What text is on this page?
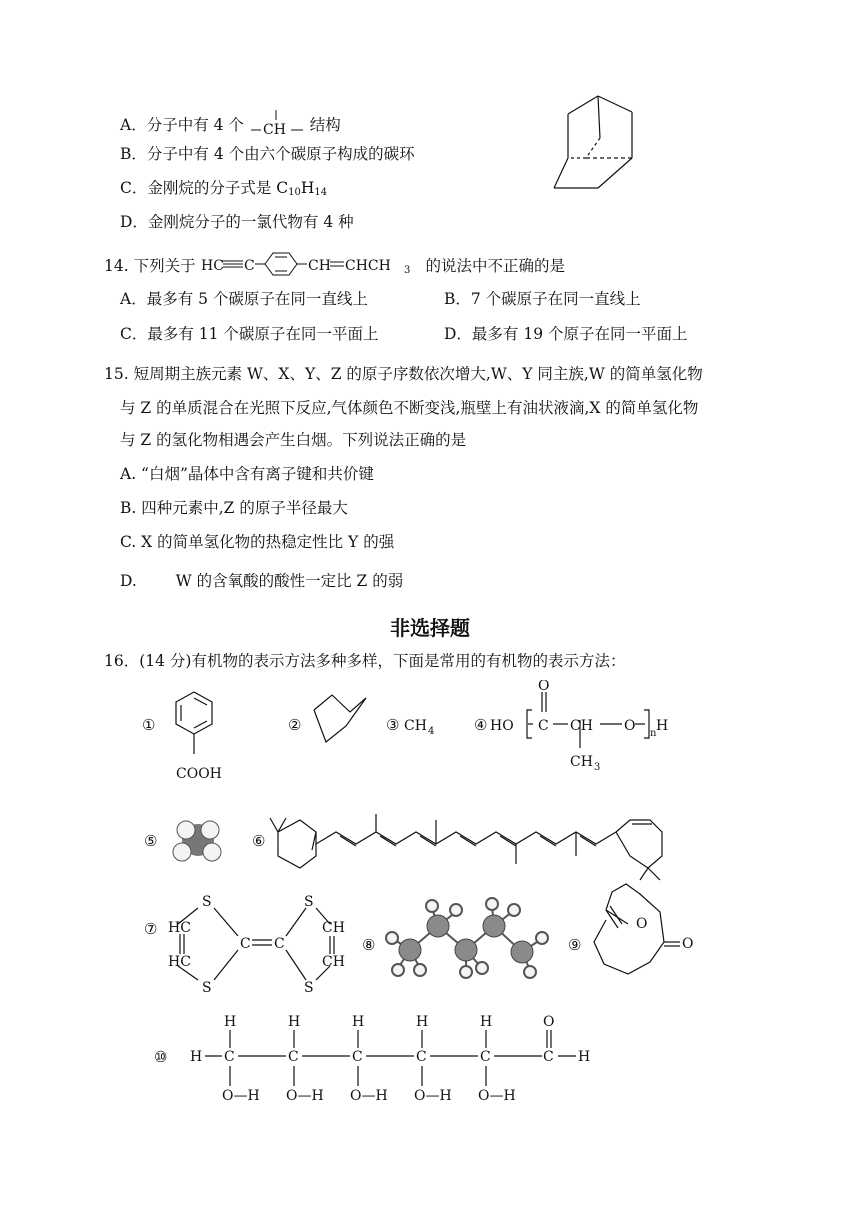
A．分子中有 4 个 CH 结构
B．分子中有 4 个由六个碳原子构成的碳环
C．金刚烷的分子式是 $C_{10}H_{14}$
D．金刚烷分子的一氯代物有 4 种
14. 下列关于 HC C	CH CHCH 3 的说法中不正确的是
A．最多有 5 个碳原子在同一直线上	B．7 个碳原子在同一直线上
C．最多有 11 个碳原子在同一平面上	D．最多有 19 个原子在同一平面上
15. 短周期主族元素 W、X、Y、Z 的原子序数依次增大,W、Y 同主族,W 的简单氢化物
与 Z 的单质混合在光照下反应,气体颜色不断变浅,瓶壁上有油状液滴,X 的简单氢化物
与 Z 的氢化物相遇会产生白烟。下列说法正确的是
A. “白烟”晶体中含有离子键和共价键
B. 四种元素中,Z 的原子半径最大
C. X 的简单氢化物的热稳定性比 Y 的强
D.	W 的含氧酸的酸性一定比 Z 的弱
非选择题
16．(14 分)有机物的表示方法多种多样，下面是常用的有机物的表示方法：
①	②	③	④
⑤	⑥
⑦
⑧	⑨
⑩
COOH
CH 4	HO
O
C CH O n H
CH 3
S
S
S
S
HC
HC
CH
CH
C C
O
O
H
H	H	H	H	H	O
C	C	C	C	C	C H
O—H O—H O—H O—H O—H
